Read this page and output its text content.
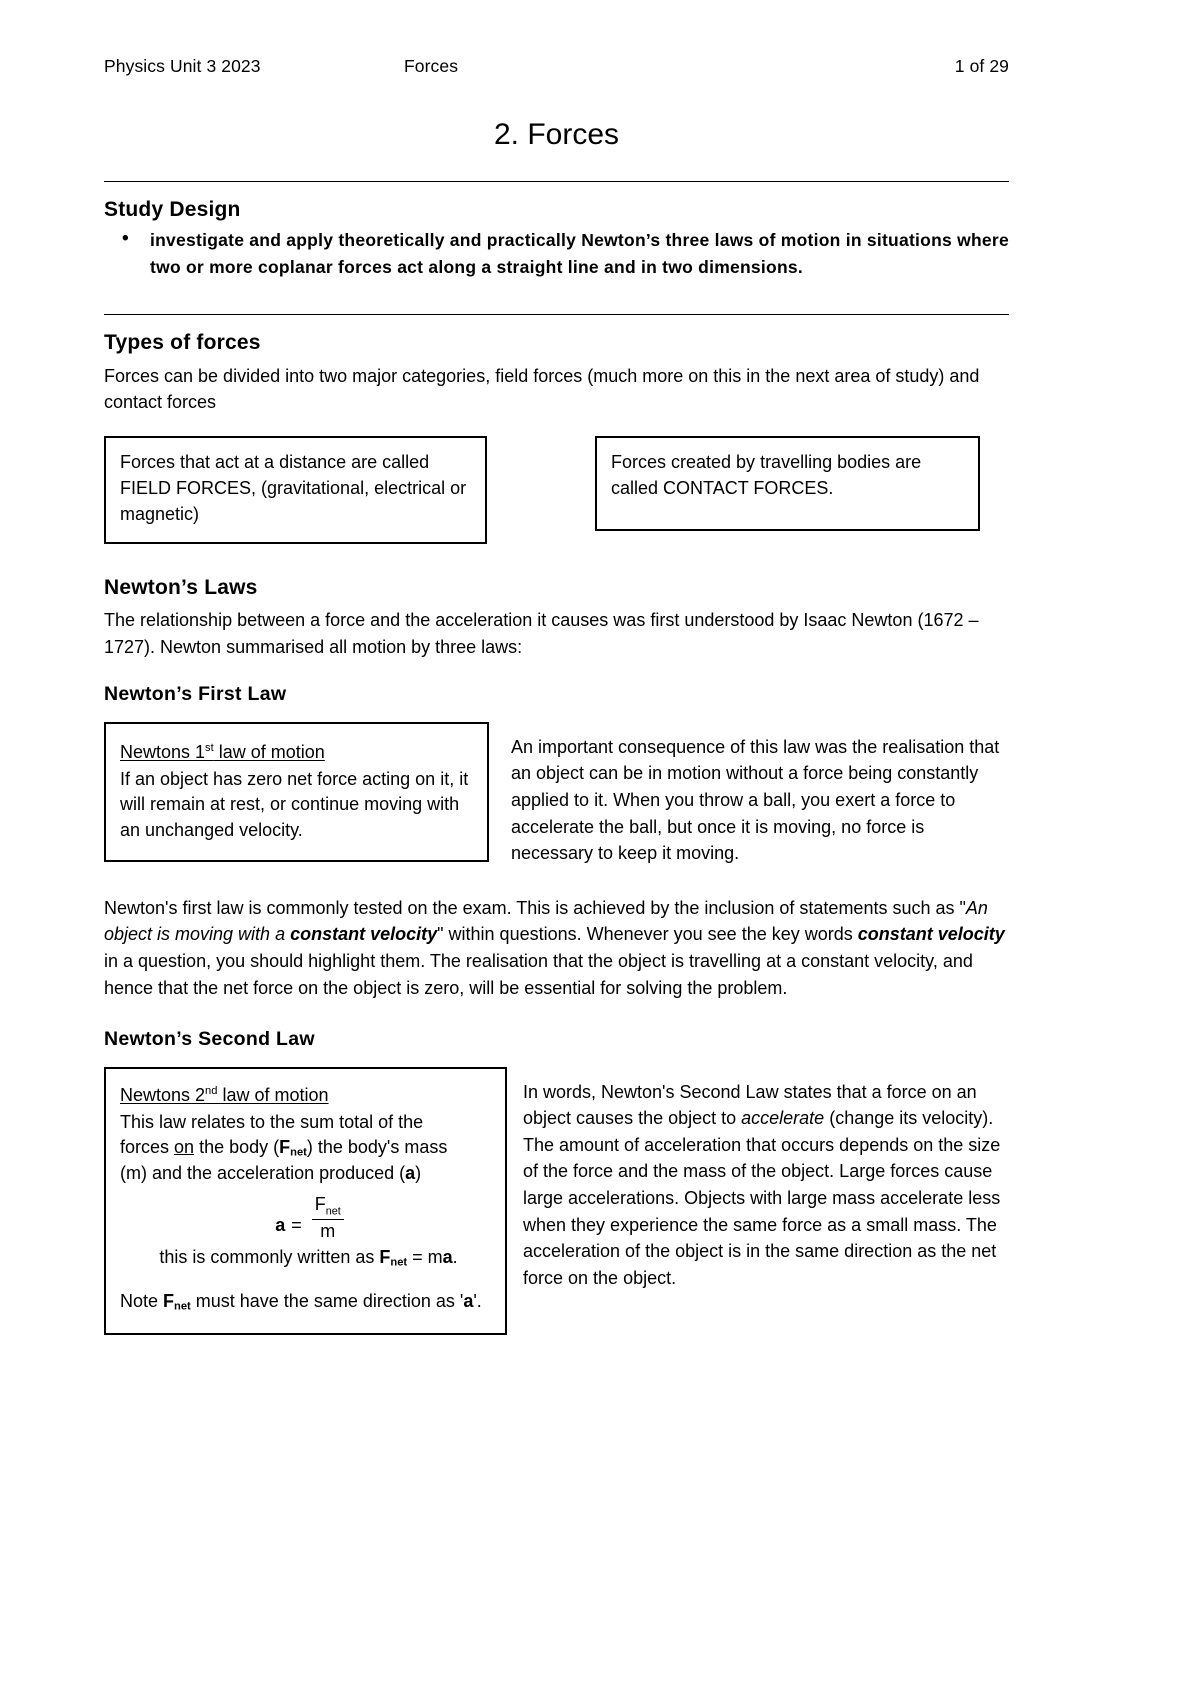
Physics Unit 3 2023	Forces	1 of 29
2. Forces
Study Design
• investigate and apply theoretically and practically Newton’s three laws of motion in situations where two or more coplanar forces act along a straight line and in two dimensions.
Types of forces

Forces can be divided into two major categories, field forces (much more on this in the next area of study) and contact forces

Forces that act at a distance are called FIELD FORCES, (gravitational, electrical or magnetic)
Forces created by travelling bodies are called CONTACT FORCES.
Newton’s Laws

The relationship between a force and the acceleration it causes was first understood by Isaac Newton (1672 – 1727). Newton summarised all motion by three laws:

Newton’s First Law
Newtons 1st law of motion
If an object has zero net force acting on it, it will remain at rest, or continue moving with an unchanged velocity.

An important consequence of this law was the realisation that an object can be in motion without a force being constantly applied to it. When you throw a ball, you exert a force to accelerate the ball, but once it is moving, no force is necessary to keep it moving.

Newton's first law is commonly tested on the exam. This is achieved by the inclusion of statements such as "An object is moving with a constant velocity" within questions. Whenever you see the key words constant velocity in a question, you should highlight them. The realisation that the object is travelling at a constant velocity, and hence that the net force on the object is zero, will be essential for solving the problem.

Newton’s Second Law
Newtons 2nd law of motion
This law relates to the sum total of the
forces on the body $(F_{net})$ the body's mass
(m) and the acceleration produced (a)
$a = \frac{F_{net}}{m}$
this is commonly written as $F_{net}$ = ma.
Note $F_{net}$ must have the same direction as 'a'.

In words, Newton's Second Law states that a force on an object causes the object to accelerate (change its velocity). The amount of acceleration that occurs depends on the size of the force and the mass of the object. Large forces cause large accelerations. Objects with large mass accelerate less when they experience the same force as a small mass. The acceleration of the object is in the same direction as the net force on the object.
